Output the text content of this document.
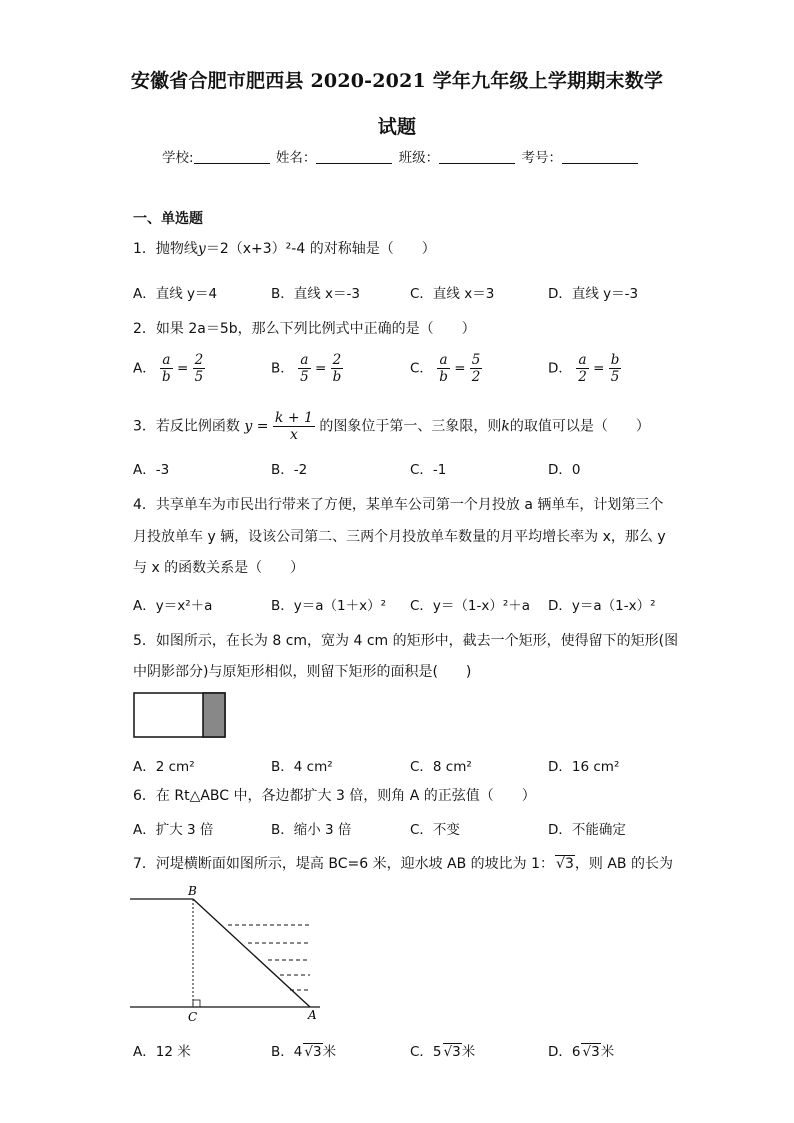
安徽省合肥市肥西县 2020-2021 学年九年级上学期期末数学
试题
学校:	姓名：	班级：	考号：
一、单选题
1．抛物线y＝2（x+3）²-4 的对称轴是（　　）
A．直线 y＝4	B．直线 x＝-3	C．直线 x＝3	D．直线 y＝-3
2．如果 2a＝5b，那么下列比例式中正确的是（　　）
A． $\frac{a}{b} = \frac{2}{5}$	B． $\frac{a}{5} = \frac{2}{b}$	C． $\frac{a}{b} = \frac{5}{2}$	D． $\frac{a}{2} = \frac{b}{5}$
3．若反比例函数 $y = \frac{k + 1}{x}$ 的图象位于第一、三象限，则k的取值可以是（　　）
A．-3	B．-2	C．-1	D．0
4．共享单车为市民出行带来了方便，某单车公司第一个月投放 a 辆单车，计划第三个
月投放单车 y 辆，设该公司第二、三两个月投放单车数量的月平均增长率为 x，那么 y
与 x 的函数关系是（　　）
A．y＝x²＋a	B．y＝a（1＋x）² C．y＝（1-x）²＋a D．y＝a（1-x）²
5．如图所示，在长为 8 cm，宽为 4 cm 的矩形中，截去一个矩形，使得留下的矩形(图
中阴影部分)与原矩形相似，则留下矩形的面积是(　　)
A．2 cm²	B．4 cm²	C．8 cm²	D．16 cm²
6．在 Rt△ABC 中，各边都扩大 3 倍，则角 A 的正弦值（　　）
A．扩大 3 倍	B．缩小 3 倍	C．不变	D．不能确定
7．河堤横断面如图所示，堤高 BC=6 米，迎水坡 AB 的坡比为 1： √3，则 AB 的长为
B
C	A
A．12 米	B．4 √3米	C．5 √3米	D．6 √3米
